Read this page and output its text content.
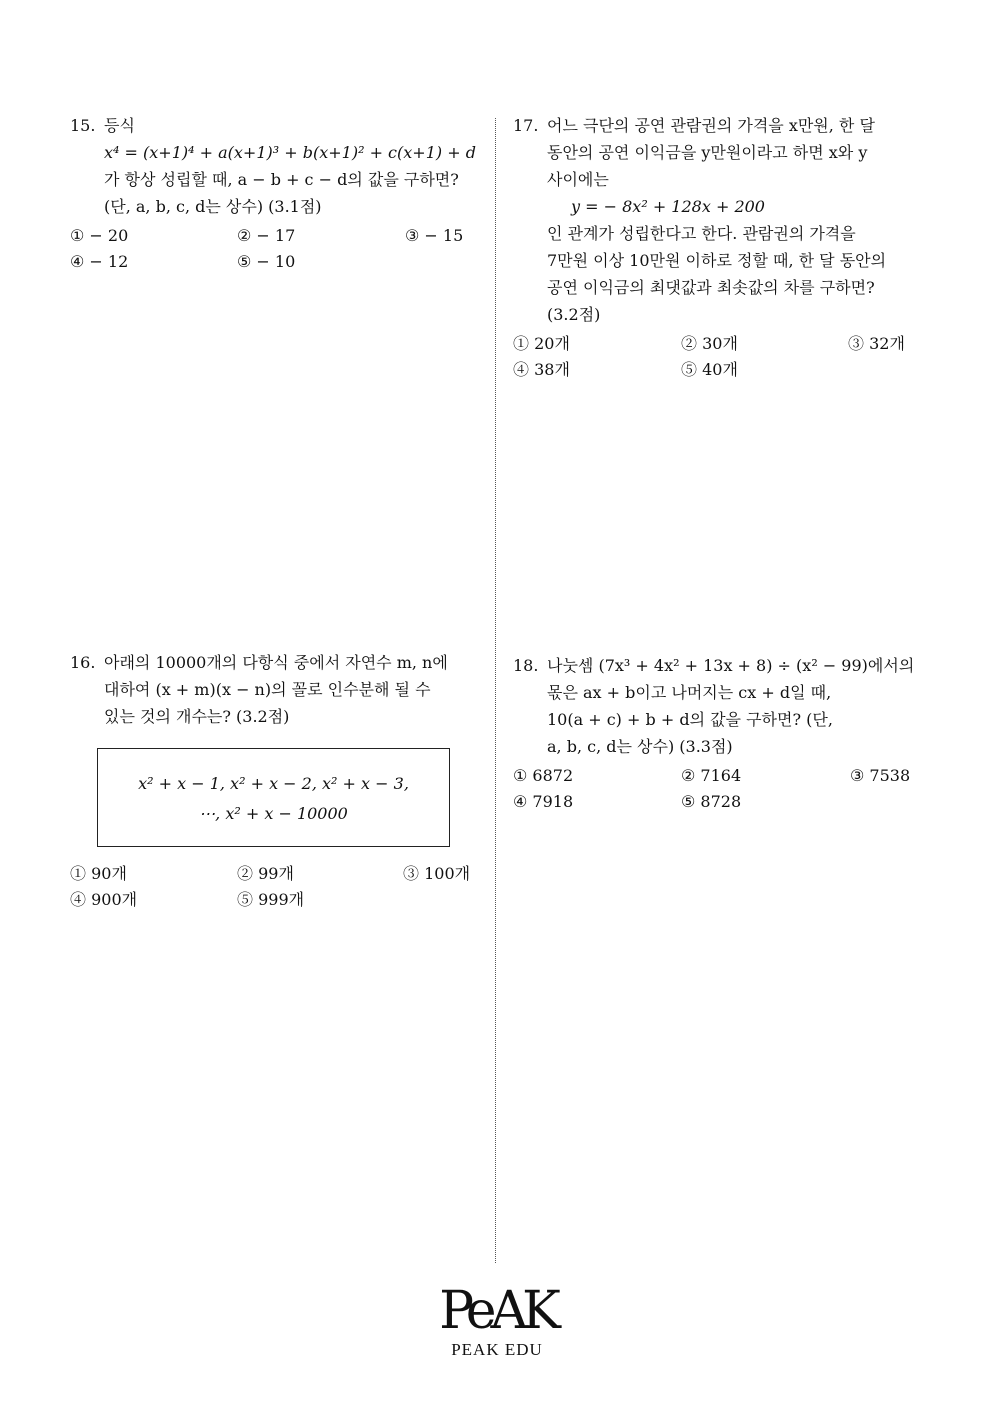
15. 등식
x⁴ = (x+1)⁴ + a(x+1)³ + b(x+1)² + c(x+1) + d
가 항상 성립할 때, a − b + c − d의 값을 구하면?
(단, a, b, c, d는 상수) (3.1점)
① − 20	② − 17	③ − 15
④ − 12	⑤ − 10
16. 아래의 10000개의 다항식 중에서 자연수 m, n에
대하여 (x + m)(x − n)의 꼴로 인수분해 될 수
있는 것의 개수는? (3.2점)
x² + x − 1, x² + x − 2, x² + x − 3,
⋯, x² + x − 10000
① 90개	② 99개	③ 100개
④ 900개	⑤ 999개
17. 어느 극단의 공연 관람권의 가격을 x만원, 한 달
동안의 공연 이익금을 y만원이라고 하면 x와 y
사이에는
y = − 8x² + 128x + 200
인 관계가 성립한다고 한다. 관람권의 가격을
7만원 이상 10만원 이하로 정할 때, 한 달 동안의
공연 이익금의 최댓값과 최솟값의 차를 구하면?
(3.2점)
① 20개	② 30개	③ 32개
④ 38개	⑤ 40개
18. 나눗셈 (7x³ + 4x² + 13x + 8) ÷ (x² − 99)에서의
몫은 ax + b이고 나머지는 cx + d일 때,
10(a + c) + b + d의 값을 구하면? (단,
a, b, c, d는 상수) (3.3점)
① 6872	② 7164	③ 7538
④ 7918	⑤ 8728
PeAK
PEAK EDU
